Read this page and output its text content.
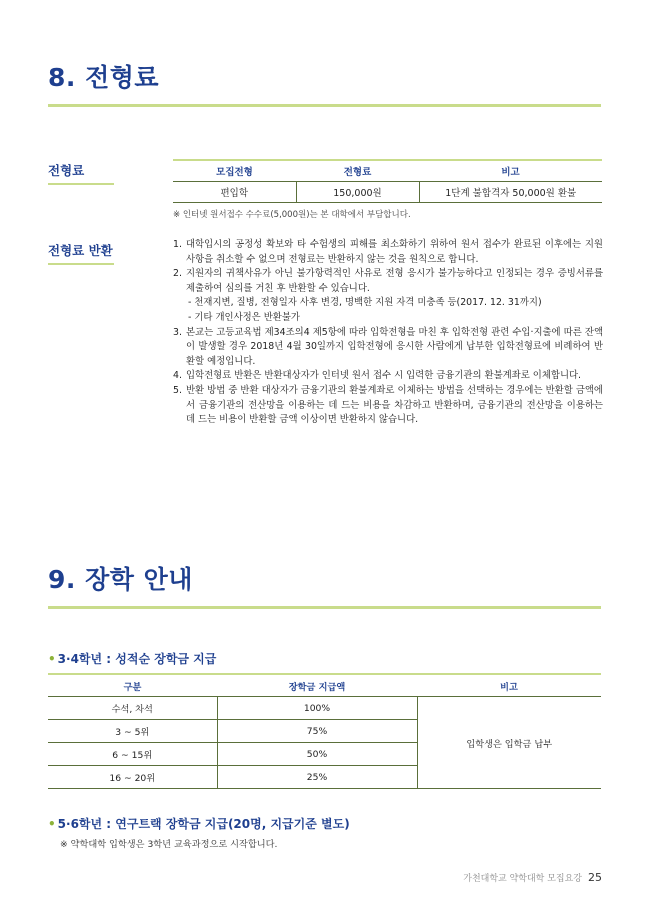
8. 전형료
전형료	모집전형	전형료	비고
편입학	150,000원	1단계 불합격자 50,000원 환불
※ 인터넷 원서접수 수수료(5,000원)는 본 대학에서 부담합니다.
전형료 반환	1. 대학입시의 공정성 확보와 타 수험생의 피해를 최소화하기 위하여 원서 접수가 완료된 이후에는 지원 사항을 취소할 수 없으며 전형료는 반환하지 않는 것을 원칙으로 합니다.
2. 지원자의 귀책사유가 아닌 불가항력적인 사유로 전형 응시가 불가능하다고 인정되는 경우 증빙서류를 제출하여 심의를 거친 후 반환할 수 있습니다.
- 천재지변, 질병, 전형일자 사후 변경, 명백한 지원 자격 미충족 등(2017. 12. 31까지)
- 기타 개인사정은 반환불가
3. 본교는 고등교육법 제34조의4 제5항에 따라 입학전형을 마친 후 입학전형 관련 수입·지출에 따른 잔액이 발생할 경우 2018년 4월 30일까지 입학전형에 응시한 사람에게 납부한 입학전형료에 비례하여 반환할 예정입니다.
4. 입학전형료 반환은 반환대상자가 인터넷 원서 접수 시 입력한 금융기관의 환불계좌로 이체합니다.
5. 반환 방법 중 반환 대상자가 금융기관의 환불계좌로 이체하는 방법을 선택하는 경우에는 반환할 금액에서 금융기관의 전산망을 이용하는 데 드는 비용을 차감하고 반환하며, 금융기관의 전산망을 이용하는 데 드는 비용이 반환할 금액 이상이면 반환하지 않습니다.
9. 장학 안내
• 3·4학년 : 성적순 장학금 지급
구분	장학금 지급액	비고
수석, 차석	100%	입학생은 입학금 납부
3 ~ 5위	75%	
6 ~ 15위	50%	
16 ~ 20위	25%	
• 5·6학년 : 연구트랙 장학금 지급(20명, 지급기준 별도)
※ 약학대학 입학생은 3학년 교육과정으로 시작합니다.
가천대학교 약학대학 모집요강 25
